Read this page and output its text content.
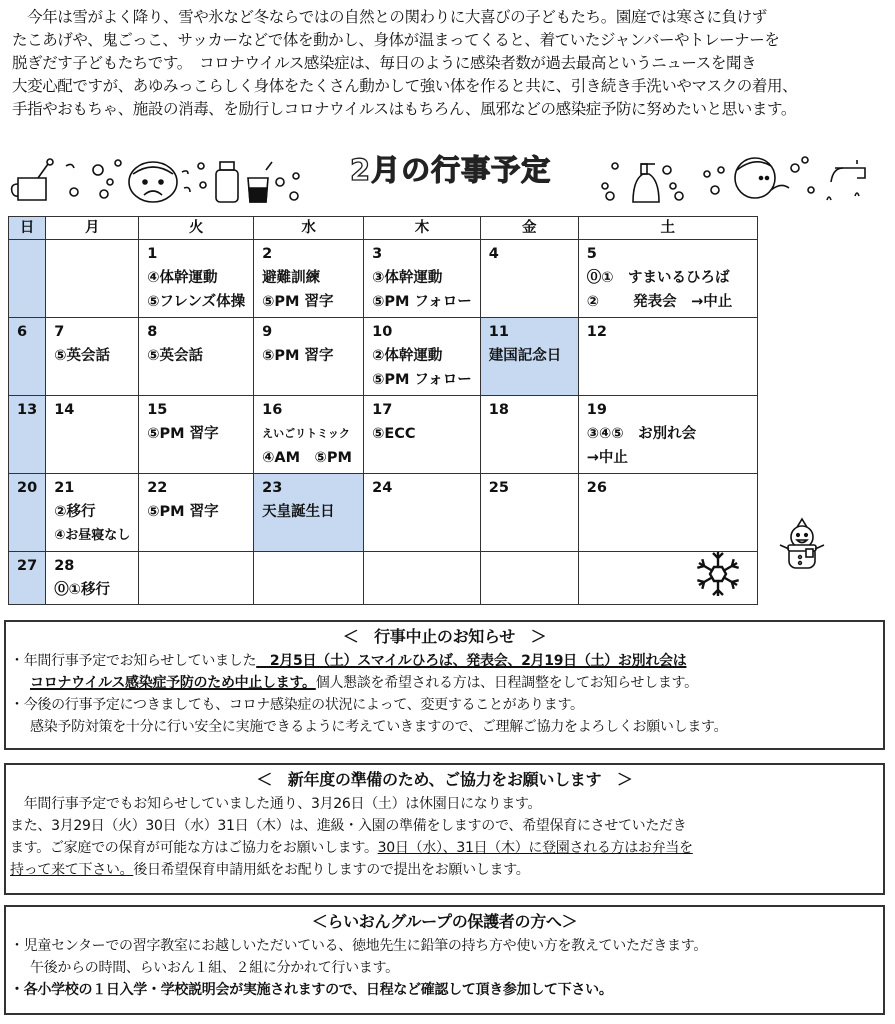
　今年は雪がよく降り、雪や氷など冬ならではの自然との関わりに大喜びの子どもたち。園庭では寒さに負けず

たこあげや、鬼ごっこ、サッカーなどで体を動かし、身体が温まってくると、着ていたジャンバーやトレーナーを

脱ぎだす子どもたちです。　コロナウイルス感染症は、毎日のように感染者数が過去最高というニュースを聞き

大変心配ですが、あゆみっこらしく身体をたくさん動かして強い体を作ると共に、引き続き手洗いやマスクの着用、

手指やおもちゃ、施設の消毒、を励行しコロナウイルスはもちろん、風邪などの感染症予防に努めたいと思います。

2月の行事予定
日	月	火	水	木	金	土

		1
④体幹運動
⑤フレンズ体操	2
避難訓練
⑤PM 習字	3
③体幹運動
⑤PM フォロー	4	5
⓪①　すまいるひろば
②　　 発表会　→中止

6	7
⑤英会話	8
⑤英会話	9
⑤PM 習字	10
②体幹運動
⑤PM フォロー	11
建国記念日	12

13	14	15
⑤PM 習字	16
えいごリトミック
④AM　⑤PM	17
⑤ECC	18	19
③④⑤　お別れ会
→中止

20	21
②移行
④お昼寝なし	22
⑤PM 習字	23
天皇誕生日	24	25	26

27	28
⓪①移行					

＜　行事中止のお知らせ　＞

・年間行事予定でお知らせしていました　2月5日（土）スマイルひろば、発表会、2月19日（土）お別れ会は

コロナウイルス感染症予防のため中止します。個人懇談を希望される方は、日程調整をしてお知らせします。

・今後の行事予定につきましても、コロナ感染症の状況によって、変更することがあります。

感染予防対策を十分に行い安全に実施できるように考えていきますので、ご理解ご協力をよろしくお願いします。

＜　新年度の準備のため、ご協力をお願いします　＞

　年間行事予定でもお知らせしていました通り、3月26日（土）は休園日になります。

また、3月29日（火）30日（水）31日（木）は、進級・入園の準備をしますので、希望保育にさせていただき

ます。ご家庭での保育が可能な方はご協力をお願いします。30日（水）、31日（木）に登園される方はお弁当を

持って来て下さい。後日希望保育申請用紙をお配りしますので提出をお願いします。

＜らいおんグループの保護者の方へ＞

・児童センターでの習字教室にお越しいただいている、徳地先生に鉛筆の持ち方や使い方を教えていただきます。

午後からの時間、らいおん１組、２組に分かれて行います。

・各小学校の１日入学・学校説明会が実施されますので、日程など確認して頂き参加して下さい。
